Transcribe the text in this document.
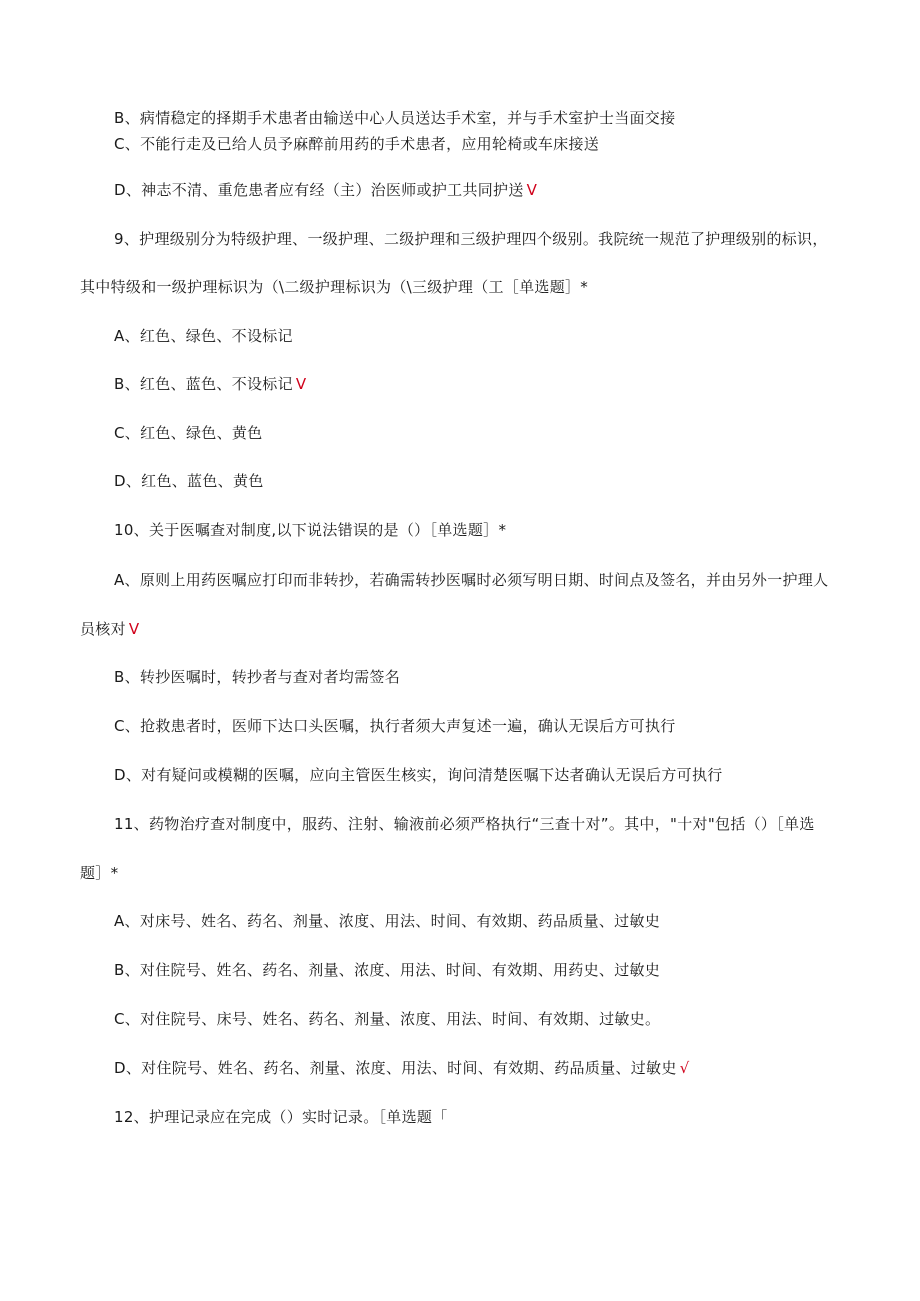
B、病情稳定的择期手术患者由输送中心人员送达手术室，并与手术室护士当面交接
C、不能行走及已给人员予麻醉前用药的手术患者，应用轮椅或车床接送
D、神志不清、重危患者应有经（主）治医师或护工共同护送 V
9、护理级别分为特级护理、一级护理、二级护理和三级护理四个级别。我院统一规范了护理级别的标识，
其中特级和一级护理标识为（\二级护理标识为（\三级护理（工［单选题］*
A、红色、绿色、不设标记
B、红色、蓝色、不设标记 V
C、红色、绿色、黄色
D、红色、蓝色、黄色
10、关于医嘱查对制度,以下说法错误的是（）［单选题］*
A、原则上用药医嘱应打印而非转抄，若确需转抄医嘱时必须写明日期、时间点及签名，并由另外一护理人
员核对 V
B、转抄医嘱时，转抄者与查对者均需签名
C、抢救患者时，医师下达口头医嘱，执行者须大声复述一遍，确认无误后方可执行
D、对有疑问或模糊的医嘱，应向主管医生核实，询问清楚医嘱下达者确认无误后方可执行
11、药物治疗查对制度中，服药、注射、输液前必须严格执行“三查十对”。其中，"十对"包括（）［单选
题］*
A、对床号、姓名、药名、剂量、浓度、用法、时间、有效期、药品质量、过敏史
B、对住院号、姓名、药名、剂量、浓度、用法、时间、有效期、用药史、过敏史
C、对住院号、床号、姓名、药名、剂量、浓度、用法、时间、有效期、过敏史。
D、对住院号、姓名、药名、剂量、浓度、用法、时间、有效期、药品质量、过敏史 √
12、护理记录应在完成（）实时记录。［单选题「
